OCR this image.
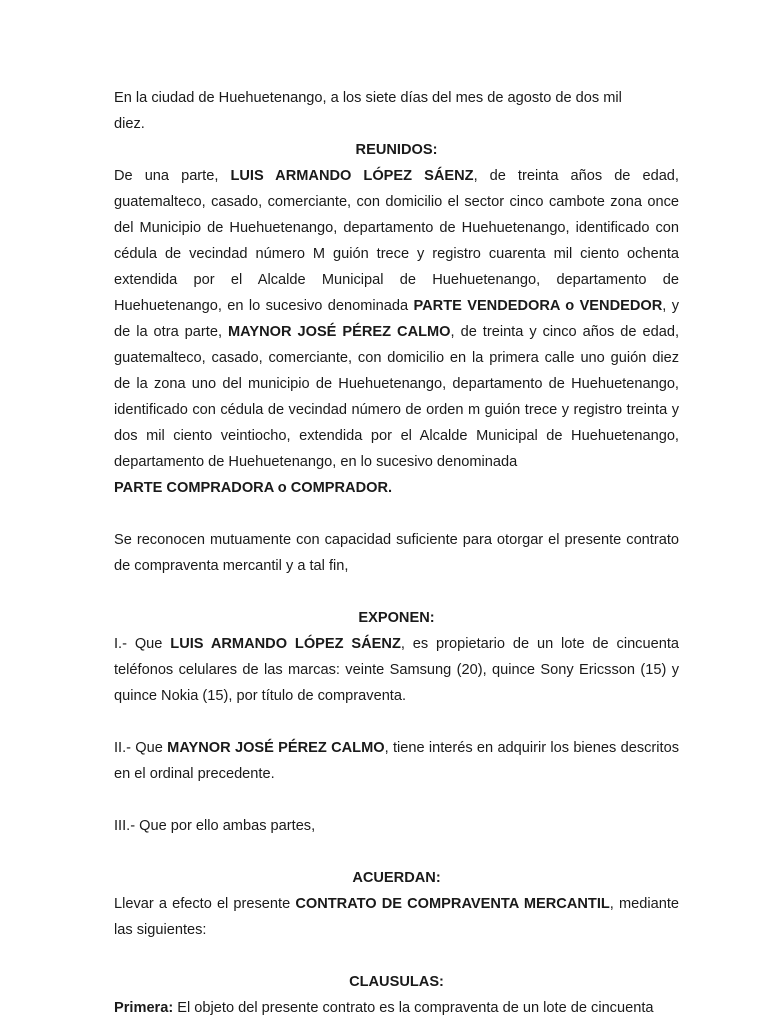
En la ciudad de Huehuetenango, a los siete días del mes de agosto de dos mil
diez.

REUNIDOS:

De una parte, LUIS ARMANDO LÓPEZ SÁENZ, de treinta años de edad, guatemalteco, casado, comerciante, con domicilio el sector cinco cambote zona once del Municipio de Huehuetenango, departamento de Huehuetenango, identificado con cédula de vecindad número M guión trece y registro cuarenta mil ciento ochenta extendida por el Alcalde Municipal de Huehuetenango, departamento de Huehuetenango, en lo sucesivo denominada PARTE VENDEDORA o VENDEDOR, y de la otra parte, MAYNOR JOSÉ PÉREZ CALMO, de treinta y cinco años de edad, guatemalteco, casado, comerciante, con domicilio en la primera calle uno guión diez de la zona uno del municipio de Huehuetenango, departamento de Huehuetenango, identificado con cédula de vecindad número de orden m guión trece y registro treinta y dos mil ciento veintiocho, extendida por el Alcalde Municipal de Huehuetenango, departamento de Huehuetenango, en lo sucesivo denominada
PARTE COMPRADORA o COMPRADOR.

Se reconocen mutuamente con capacidad suficiente para otorgar el presente contrato de compraventa mercantil y a tal fin,

EXPONEN:

I.- Que LUIS ARMANDO LÓPEZ SÁENZ, es propietario de un lote de cincuenta teléfonos celulares de las marcas: veinte Samsung (20), quince Sony Ericsson (15) y quince Nokia (15), por título de compraventa.

II.- Que MAYNOR JOSÉ PÉREZ CALMO, tiene interés en adquirir los bienes descritos en el ordinal precedente.

III.- Que por ello ambas partes,

ACUERDAN:

Llevar a efecto el presente CONTRATO DE COMPRAVENTA MERCANTIL, mediante las siguientes:

CLAUSULAS:

Primera: El objeto del presente contrato es la compraventa de un lote de cincuenta
